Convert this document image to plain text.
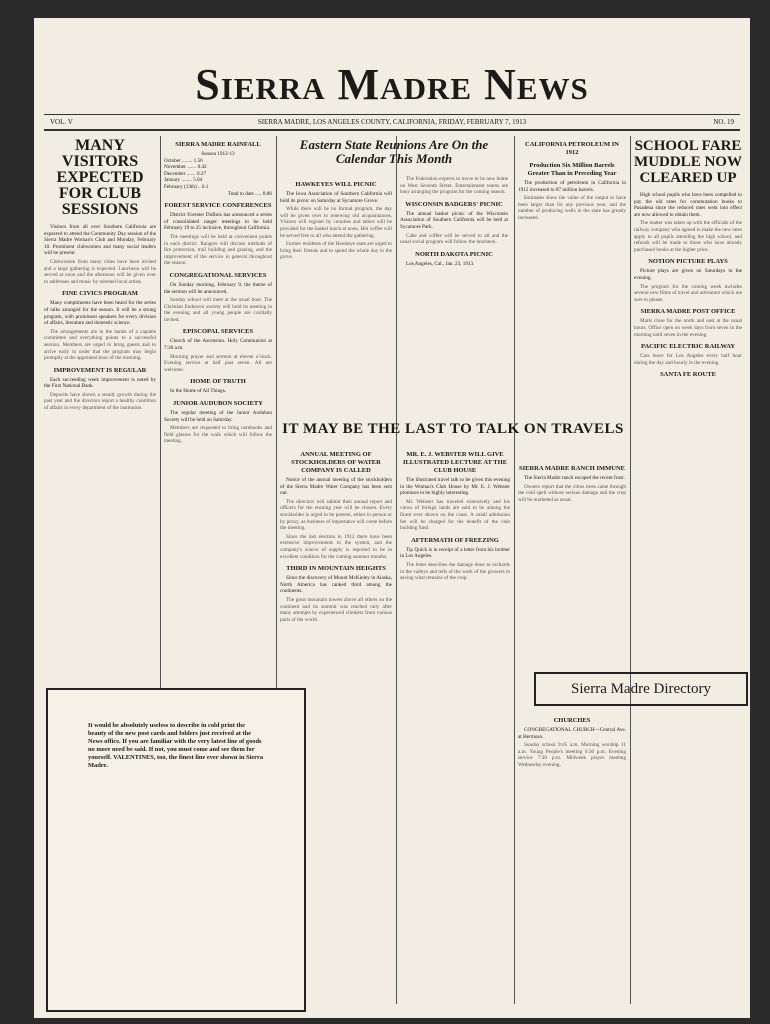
Sierra Madre News
VOL. V	SIERRA MADRE, LOS ANGELES COUNTY, CALIFORNIA, FRIDAY, FEBRUARY 7, 1913	NO. 19
MANY VISITORS EXPECTED FOR CLUB SESSIONS

Visitors from all over Southern California are expected to attend the Community Day session of the Sierra Madre Woman's Club and Monday, February 10. Prominent clubwomen and many social leaders will be present.

Clubwomen from many cities have been invited and a large gathering is expected. Luncheon will be served at noon and the afternoon will be given over to addresses and music by talented local artists.

FINE CIVICS PROGRAM

Many compliments have been heard for the series of talks arranged for the season. It will be a strong program, with prominent speakers for every division of affairs, literature and domestic science.

The arrangements are in the hands of a capable committee and everything points to a successful session. Members are urged to bring guests and to arrive early in order that the program may begin promptly at the appointed hour of the morning.

IMPROVEMENT IS REGULAR

Each succeeding week improvement is noted by the First National Bank.

Deposits have shown a steady growth during the past year and the directors report a healthy condition of affairs in every department of the institution.

It would be absolutely useless to describe in cold print the beauty of the new post cards and folders just received at the News office. If you are familiar with the very latest line of goods no more need be said. If not, you must come and see them for yourself. VALENTINES, too, the finest line ever shown in Sierra Madre.
SIERRA MADRE RAINFALL
Season 1912-13
October ........ 1.56
November ....... 0.42
December ....... 0.27
January ........ 5.04
February (13th) .. 0.1
Total to date ..... 8.86
FOREST SERVICE CONFERENCES

District Forester DuBois has announced a series of consolidated ranger meetings to be held February 19 to 25 inclusive, throughout California.

The meetings will be held at convenient points in each district. Rangers will discuss methods of fire protection, trail building and grazing, and the improvement of the service in general throughout the season.

CONGREGATIONAL SERVICES

On Sunday morning, February 9, the theme of the sermon will be announced.

Sunday school will meet at the usual hour. The Christian Endeavor society will hold its meeting in the evening and all young people are cordially invited.

EPISCOPAL SERVICES

Church of the Ascension. Holy Communion at 7:30 a.m.

Morning prayer and sermon at eleven o'clock. Evening service at half past seven. All are welcome.

HOME OF TRUTH

In the Home of All Things.

JUNIOR AUDUBON SOCIETY

The regular meeting of the Junior Audubon Society will be held on Saturday.

Members are requested to bring notebooks and field glasses for the walk which will follow the meeting.

Eastern State Reunions Are On the Calendar This Month
HAWKEYES WILL PICNIC

The Iowa Association of Southern California will hold its picnic on Saturday at Sycamore Grove.

While there will be no formal program, the day will be given over to renewing old acquaintances. Visitors will register by counties and tables will be provided for the basket lunch at noon. Hot coffee will be served free to all who attend the gathering.

Former residents of the Hawkeye state are urged to bring their friends and to spend the whole day in the grove.

The Federation expects to move to its new home on West Seventh Street. Entertainment teams are busy arranging the program for the coming season.

WISCONSIN BADGERS' PICNIC

The annual basket picnic of the Wisconsin Association of Southern California will be held at Sycamore Park.

Cake and coffee will be served to all and the usual social program will follow the luncheon.

NORTH DAKOTA PICNIC

Los Angeles, Cal., Jan. 23, 1913.

IT MAY BE THE LAST TO TALK ON TRAVELS
ANNUAL MEETING OF STOCKHOLDERS OF WATER COMPANY IS CALLED

Notice of the annual meeting of the stockholders of the Sierra Madre Water Company has been sent out.

The directors will submit their annual report and officers for the ensuing year will be chosen. Every stockholder is urged to be present, either in person or by proxy, as business of importance will come before the meeting.

Since the last election in 1912 there have been extensive improvements to the system, and the company's source of supply is reported to be in excellent condition for the coming summer months.

THIRD IN MOUNTAIN HEIGHTS

Since the discovery of Mount McKinley in Alaska, North America has ranked third among the continents.

The great mountain towers above all others on the continent and its summit was reached only after many attempts by experienced climbers from various parts of the world.

CALIFORNIA PETROLEUM IN 1912
Production Six Million Barrels Greater Than in Preceding Year

The production of petroleum in California in 1912 increased to 87 million barrels.

Estimates show the value of the output to have been larger than for any previous year, and the number of producing wells in the state has greatly increased.

MR. E. J. WEBSTER WILL GIVE ILLUSTRATED LECTURE AT THE CLUB HOUSE

The illustrated travel talk to be given this evening in the Woman's Club House by Mr. E. J. Webster promises to be highly interesting.

Mr. Webster has traveled extensively and his views of foreign lands are said to be among the finest ever shown on the coast. A small admission fee will be charged for the benefit of the club building fund.

AFTERMATH OF FREEZING

Tip Quick is in receipt of a letter from his brother in Los Angeles.

The letter describes the damage done to orchards in the valleys and tells of the work of the growers in saving what remains of the crop.

SIERRA MADRE RANCH IMMUNE

The Sierra Madre ranch escaped the recent frost.

Owners report that the citrus trees came through the cold spell without serious damage and the crop will be marketed as usual.

Sierra Madre Directory
CHURCHES

CONGREGATIONAL CHURCH—Central Ave. at Hermosa.

Sunday school 9:45 a.m. Morning worship 11 a.m. Young People's meeting 6:30 p.m. Evening service 7:30 p.m. Midweek prayer meeting Wednesday evening.

SCHOOL FARE MUDDLE NOW CLEARED UP

High school pupils who have been compelled to pay the old rates for commutation books to Pasadena since the reduced rates went into effect are now allowed to obtain them.

The matter was taken up with the officials of the railway company who agreed to make the new rates apply to all pupils attending the high school, and refunds will be made to those who have already purchased books at the higher price.

NOTION PICTURE PLAYS

Picture plays are given on Saturdays in the evening.

The program for the coming week includes several new films of travel and adventure which are sure to please.

SIERRA MADRE POST OFFICE

Mails close for the north and east at the usual hours. Office open on week days from seven in the morning until seven in the evening.

PACIFIC ELECTRIC RAILWAY

Cars leave for Los Angeles every half hour during the day and hourly in the evening.

SANTA FE ROUTE
